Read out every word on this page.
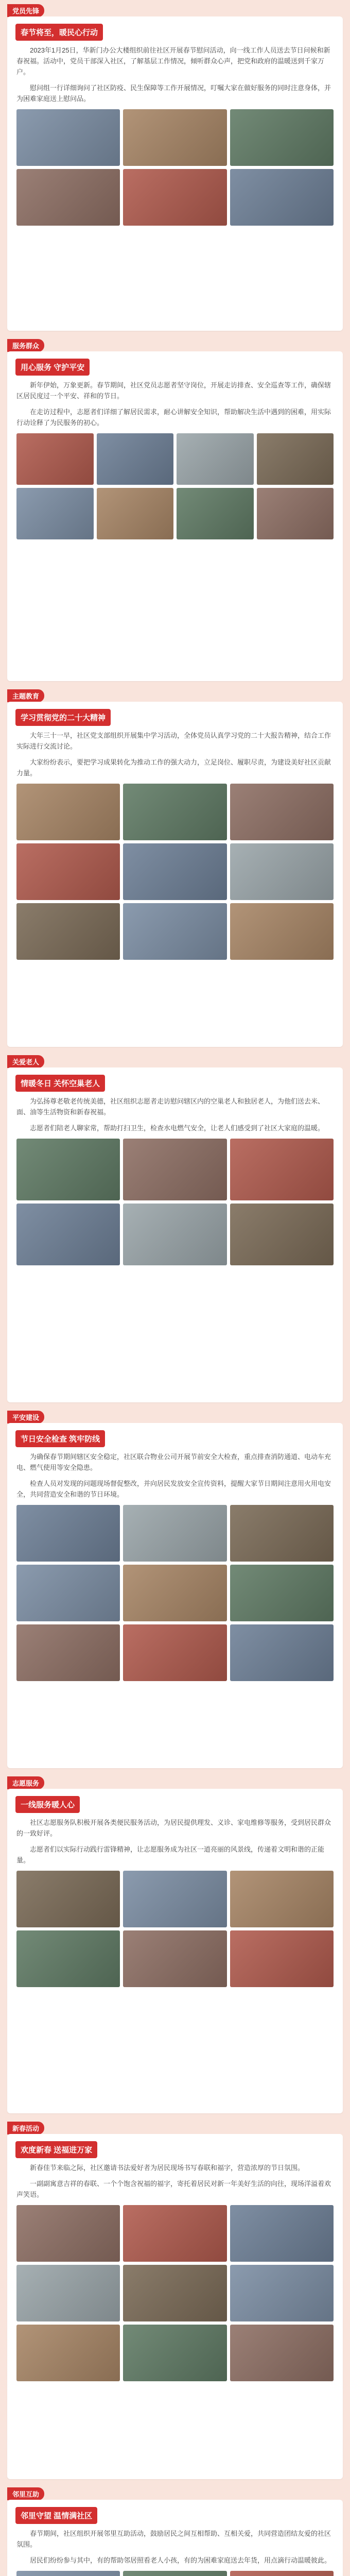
党员先锋
春节将至，暖民心行动

2023年1月25日，华新门办公大楼组织前往社区开展春节慰问活动，向一线工作人员送去节日问候和新春祝福。活动中，党员干部深入社区，了解基层工作情况，倾听群众心声，把党和政府的温暖送到千家万户。

慰问组一行详细询问了社区防疫、民生保障等工作开展情况，叮嘱大家在做好服务的同时注意身体，并为困难家庭送上慰问品。

服务群众
用心服务 守护平安

新年伊始，万象更新。春节期间，社区党员志愿者坚守岗位，开展走访排查、安全巡查等工作，确保辖区居民度过一个平安、祥和的节日。

在走访过程中，志愿者们详细了解居民需求，耐心讲解安全知识，帮助解决生活中遇到的困难，用实际行动诠释了为民服务的初心。

主题教育
学习贯彻党的二十大精神

大年三十一早，社区党支部组织开展集中学习活动，全体党员认真学习党的二十大报告精神，结合工作实际进行交流讨论。

大家纷纷表示，要把学习成果转化为推动工作的强大动力，立足岗位、履职尽责，为建设美好社区贡献力量。

关爱老人
情暖冬日 关怀空巢老人

为弘扬尊老敬老传统美德，社区组织志愿者走访慰问辖区内的空巢老人和独居老人，为他们送去米、面、油等生活物资和新春祝福。

志愿者们陪老人聊家常，帮助打扫卫生，检查水电燃气安全，让老人们感受到了社区大家庭的温暖。

平安建设
节日安全检查 筑牢防线

为确保春节期间辖区安全稳定，社区联合物业公司开展节前安全大检查，重点排查消防通道、电动车充电、燃气使用等安全隐患。

检查人员对发现的问题现场督促整改，并向居民发放安全宣传资料，提醒大家节日期间注意用火用电安全，共同营造安全和谐的节日环境。

志愿服务
一线服务暖人心

社区志愿服务队积极开展各类便民服务活动，为居民提供理发、义诊、家电维修等服务，受到居民群众的一致好评。

志愿者们以实际行动践行雷锋精神，让志愿服务成为社区一道亮丽的风景线，传递着文明和谐的正能量。

新春活动
欢度新春 送福进万家

新春佳节来临之际，社区邀请书法爱好者为居民现场书写春联和福字，营造浓厚的节日氛围。

一副副寓意吉祥的春联、一个个饱含祝福的福字，寄托着居民对新一年美好生活的向往，现场洋溢着欢声笑语。

邻里互助
邻里守望 温情满社区

春节期间，社区组织开展邻里互助活动，鼓励居民之间互相帮助、互相关爱，共同营造团结友爱的社区氛围。

居民们纷纷参与其中，有的帮助邻居照看老人小孩，有的为困难家庭送去年货，用点滴行动温暖彼此。
